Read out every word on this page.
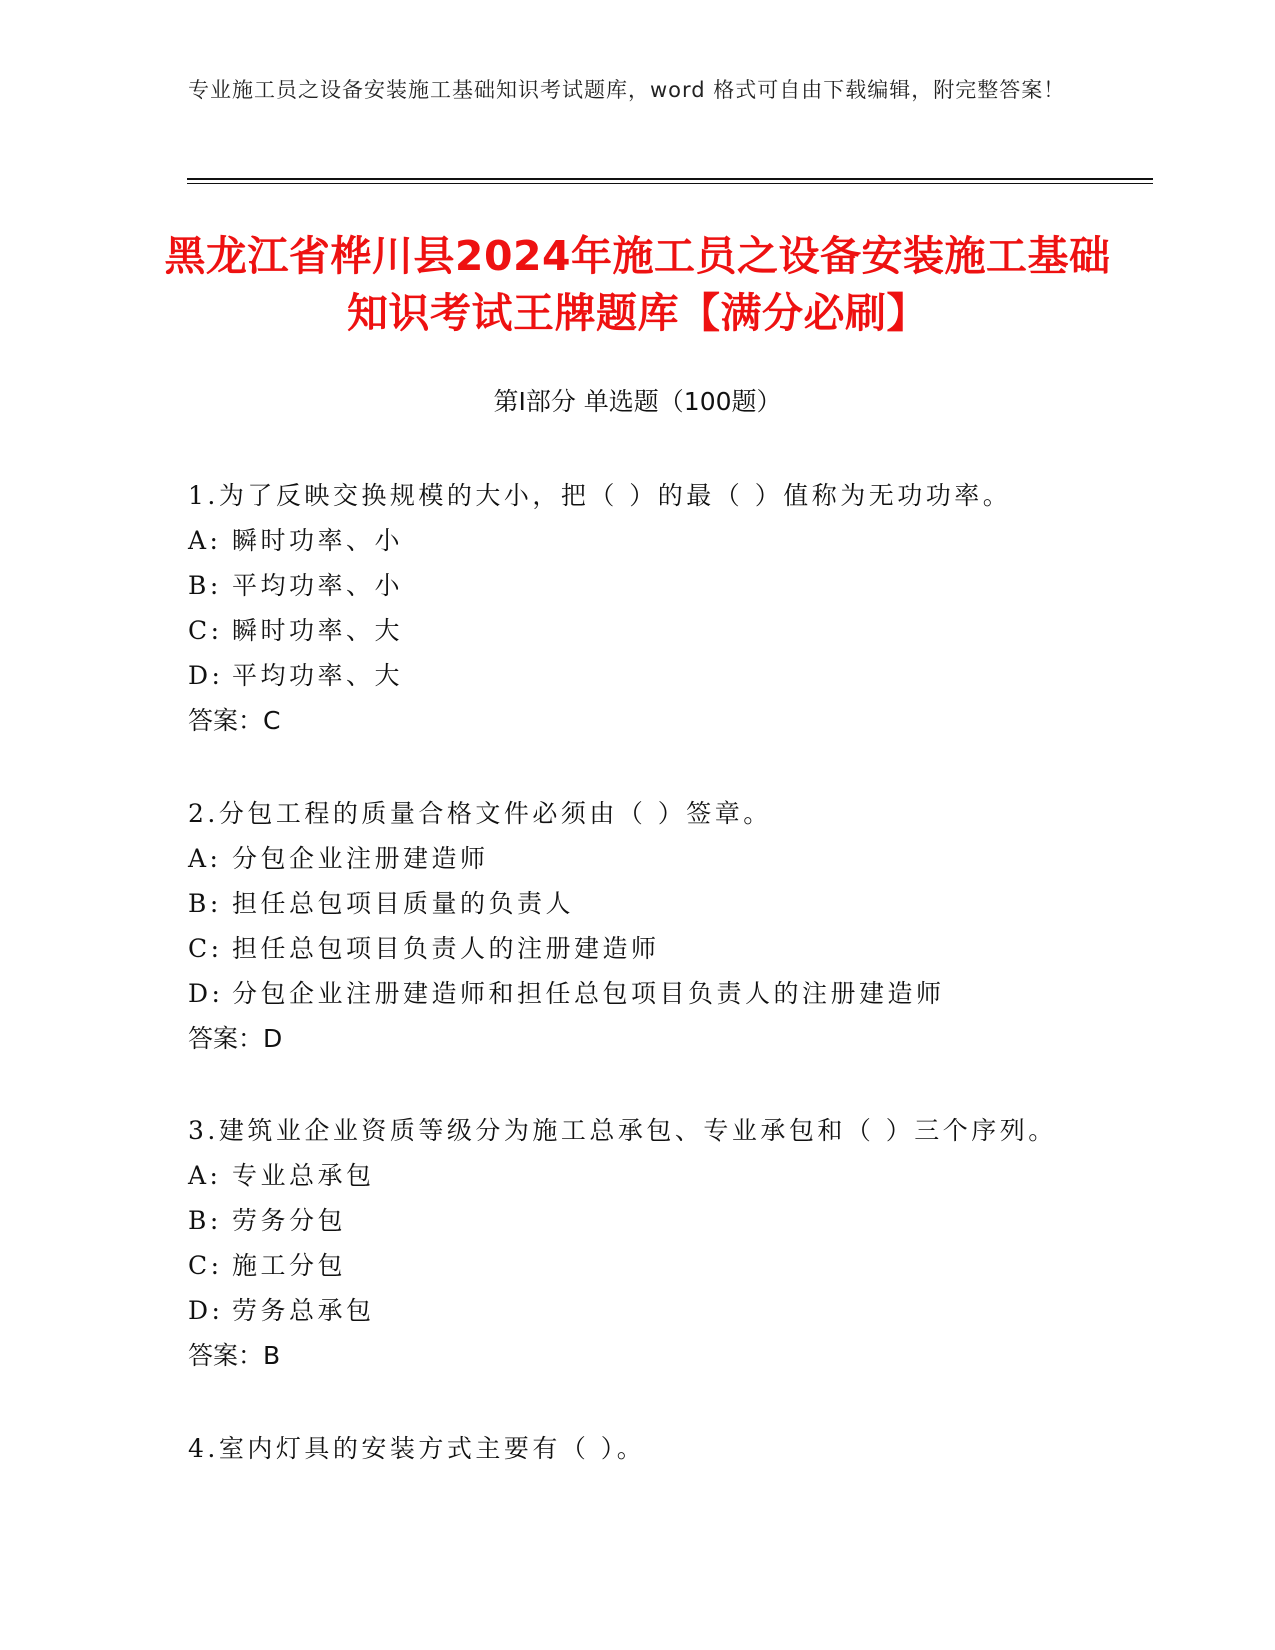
专业施工员之设备安装施工基础知识考试题库，word 格式可自由下载编辑，附完整答案！
黑龙江省桦川县2024年施工员之设备安装施工基础知识考试王牌题库【满分必刷】
第I部分 单选题（100题）
1.为了反映交换规模的大小，把（ ）的最（ ）值称为无功功率。
A: 瞬时功率、小
B: 平均功率、小
C: 瞬时功率、大
D: 平均功率、大
答案：C
2.分包工程的质量合格文件必须由（ ）签章。
A: 分包企业注册建造师
B: 担任总包项目质量的负责人
C: 担任总包项目负责人的注册建造师
D: 分包企业注册建造师和担任总包项目负责人的注册建造师
答案：D
3.建筑业企业资质等级分为施工总承包、专业承包和（ ）三个序列。
A: 专业总承包
B: 劳务分包
C: 施工分包
D: 劳务总承包
答案：B
4.室内灯具的安装方式主要有（ ）。
